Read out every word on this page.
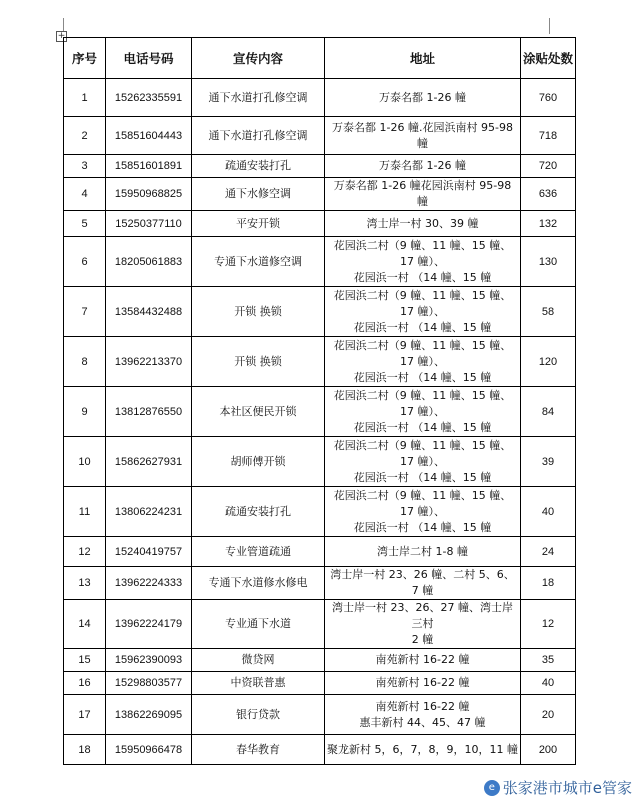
+
序号	电话号码	宣传内容	地址	涂贴处数
1	15262335591	通下水道打孔修空调	万泰名都 1-26 幢	760
2	15851604443	通下水道打孔修空调	万泰名都 1-26 幢.花园浜南村 95-98 幢	718
3	15851601891	疏通安装打孔	万泰名都 1-26 幢	720
4	15950968825	通下水修空调	万泰名都 1-26 幢花园浜南村 95-98 幢	636
5	15250377110	平安开锁	湾士岸一村 30、39 幢	132
6	18205061883	专通下水道修空调	花园浜二村（9 幢、11 幢、15 幢、17 幢）、
花园浜一村 （14 幢、15 幢	130
7	13584432488	开锁 换锁	花园浜二村（9 幢、11 幢、15 幢、17 幢）、
花园浜一村 （14 幢、15 幢	58
8	13962213370	开锁 换锁	花园浜二村（9 幢、11 幢、15 幢、17 幢）、
花园浜一村 （14 幢、15 幢	120
9	13812876550	本社区便民开锁	花园浜二村（9 幢、11 幢、15 幢、17 幢）、
花园浜一村 （14 幢、15 幢	84
10	15862627931	胡师傅开锁	花园浜二村（9 幢、11 幢、15 幢、17 幢）、
花园浜一村 （14 幢、15 幢	39
11	13806224231	疏通安装打孔	花园浜二村（9 幢、11 幢、15 幢、17 幢）、
花园浜一村 （14 幢、15 幢	40
12	15240419757	专业管道疏通	湾士岸二村 1-8 幢	24
13	13962224333	专通下水道修水修电	湾士岸一村 23、26 幢、二村 5、6、7 幢	18
14	13962224179	专业通下水道	湾士岸一村 23、26、27 幢、湾士岸三村
2 幢	12
15	15962390093	微贷网	南苑新村 16-22 幢	35
16	15298803577	中资联普惠	南苑新村 16-22 幢	40
17	13862269095	银行贷款	南苑新村 16-22 幢
惠丰新村 44、45、47 幢	20
18	15950966478	春华教育	聚龙新村 5，6，7，8，9，10，11 幢	200
e 张家港市城市e管家
